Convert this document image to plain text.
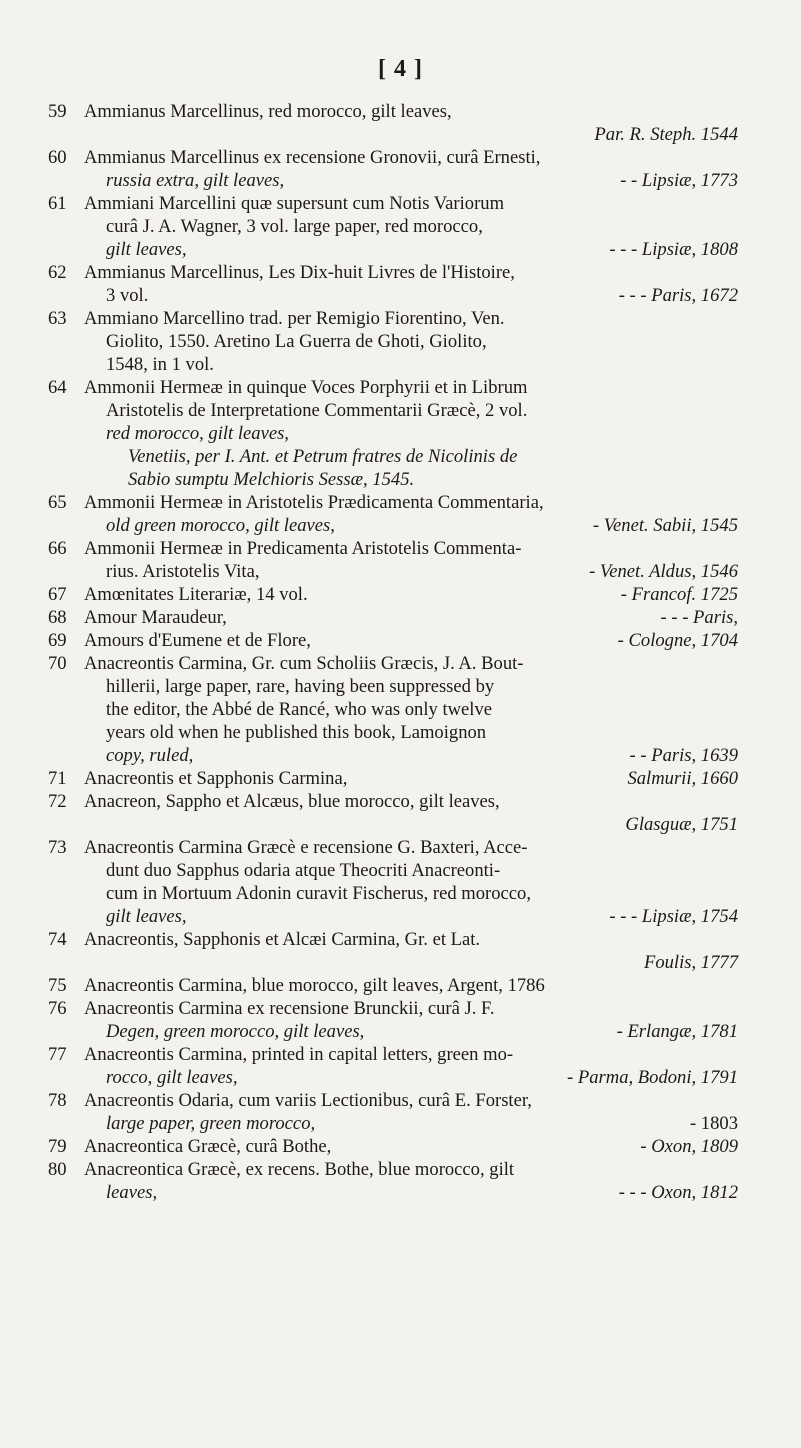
[ 4 ]
59 Ammianus Marcellinus, red morocco, gilt leaves,
Par. R. Steph. 1544
60 Ammianus Marcellinus ex recensione Gronovii, curâ Ernesti,
russia extra, gilt leaves,	- - Lipsiæ, 1773
61 Ammiani Marcellini quæ supersunt cum Notis Variorum
curâ J. A. Wagner, 3 vol. large paper, red morocco,
gilt leaves,	- - - Lipsiæ, 1808
62 Ammianus Marcellinus, Les Dix-huit Livres de l'Histoire,
3 vol.	- - - Paris, 1672
63 Ammiano Marcellino trad. per Remigio Fiorentino, Ven.
Giolito, 1550. Aretino La Guerra de Ghoti, Giolito,
1548, in 1 vol.
64 Ammonii Hermeæ in quinque Voces Porphyrii et in Librum
Aristotelis de Interpretatione Commentarii Græcè, 2 vol.
red morocco, gilt leaves,
Venetiis, per I. Ant. et Petrum fratres de Nicolinis de
Sabio sumptu Melchioris Sessæ, 1545.
65 Ammonii Hermeæ in Aristotelis Prædicamenta Commentaria,
old green morocco, gilt leaves,	- Venet. Sabii, 1545
66 Ammonii Hermeæ in Predicamenta Aristotelis Commenta-
rius. Aristotelis Vita,	- Venet. Aldus, 1546
67 Amœnitates Literariæ, 14 vol.	- Francof. 1725
68 Amour Maraudeur,	- - - Paris,
69 Amours d'Eumene et de Flore,	- Cologne, 1704
70 Anacreontis Carmina, Gr. cum Scholiis Græcis, J. A. Bout-
hillerii, large paper, rare, having been suppressed by
the editor, the Abbé de Rancé, who was only twelve
years old when he published this book, Lamoignon
copy, ruled,	- - Paris, 1639
71 Anacreontis et Sapphonis Carmina,	Salmurii, 1660
72 Anacreon, Sappho et Alcæus, blue morocco, gilt leaves,
Glasguæ, 1751
73 Anacreontis Carmina Græcè e recensione G. Baxteri, Acce-
dunt duo Sapphus odaria atque Theocriti Anacreonti-
cum in Mortuum Adonin curavit Fischerus, red morocco,
gilt leaves,	- - - Lipsiæ, 1754
74 Anacreontis, Sapphonis et Alcæi Carmina, Gr. et Lat.
Foulis, 1777
75 Anacreontis Carmina, blue morocco, gilt leaves, Argent, 1786
76 Anacreontis Carmina ex recensione Brunckii, curâ J. F.
Degen, green morocco, gilt leaves,	- Erlangæ, 1781
77 Anacreontis Carmina, printed in capital letters, green mo-
rocco, gilt leaves,	- Parma, Bodoni, 1791
78 Anacreontis Odaria, cum variis Lectionibus, curâ E. Forster,
large paper, green morocco,	- 1803
79 Anacreontica Græcè, curâ Bothe,	- Oxon, 1809
80 Anacreontica Græcè, ex recens. Bothe, blue morocco, gilt
leaves,	- - - Oxon, 1812
